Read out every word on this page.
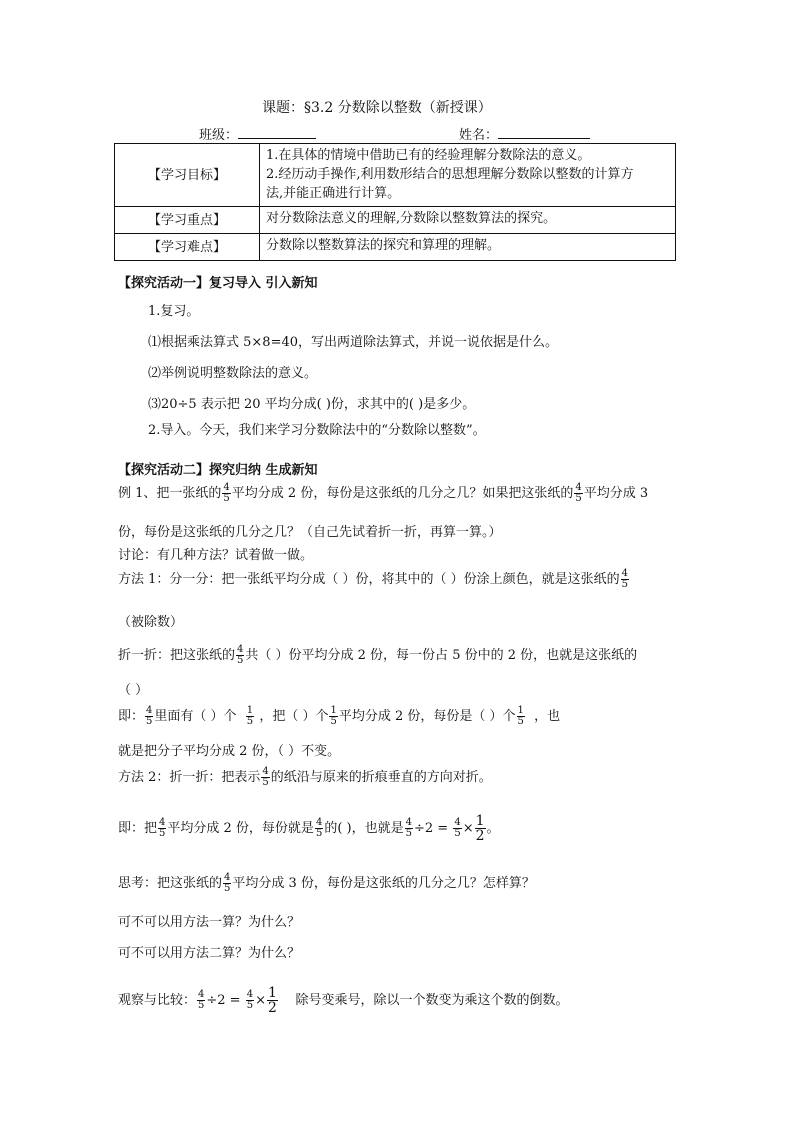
课题：§3.2 分数除以整数（新授课）
班级：	姓名：
【学习目标】	1.在具体的情境中借助已有的经验理解分数除法的意义。
2.经历动手操作,利用数形结合的思想理解分数除以整数的计算方
法,并能正确进行计算。

【学习重点】	对分数除法意义的理解,分数除以整数算法的探究。
【学习难点】	分数除以整数算法的探究和算理的理解。
【探究活动一】复习导入 引入新知
1.复习。
⑴根据乘法算式 5×8=40，写出两道除法算式，并说一说依据是什么。
⑵举例说明整数除法的意义。
⑶20÷5 表示把 20 平均分成( )份，求其中的( )是多少。
2.导入。今天，我们来学习分数除法中的“分数除以整数”。
【探究活动二】探究归纳 生成新知
例 1、把一张纸的 $\frac{4}{5}$ 平均分成 2 份，每份是这张纸的几分之几？如果把这张纸的 $\frac{4}{5}$ 平均分成 3
份，每份是这张纸的几分之几？（自己先试着折一折，再算一算。）
讨论：有几种方法？试着做一做。
方法 1：分一分：把一张纸平均分成（ ）份，将其中的（ ）份涂上颜色，就是这张纸的 $\frac{4}{5}$
（被除数）
折一折：把这张纸的 $\frac{4}{5}$ 共（ ）份平均分成 2 份，每一份占 5 份中的 2 份，也就是这张纸的
（ ）
即： $\frac{4}{5}$ 里面有（ ）个 $\frac{1}{5}$ ，把（ ）个 $\frac{1}{5}$ 平均分成 2 份，每份是（ ）个 $\frac{1}{5}$ ，也
就是把分子平均分成 2 份，（ ）不变。
方法 2：折一折：把表示 $\frac{4}{5}$ 的纸沿与原来的折痕垂直的方向对折。
即：把 $\frac{4}{5}$ 平均分成 2 份，每份就是 $\frac{4}{5}$ 的( )，也就是 $\frac{4}{5} \div 2 = \frac{4}{5} \times \frac{1}{2}$ 。
思考：把这张纸的 $\frac{4}{5}$ 平均分成 3 份，每份是这张纸的几分之几？怎样算？
可不可以用方法一算？为什么？
可不可以用方法二算？为什么？
观察与比较： $\frac{4}{5} \div 2 = \frac{4}{5} \times \frac{1}{2}$ 除号变乘号，除以一个数变为乘这个数的倒数。
